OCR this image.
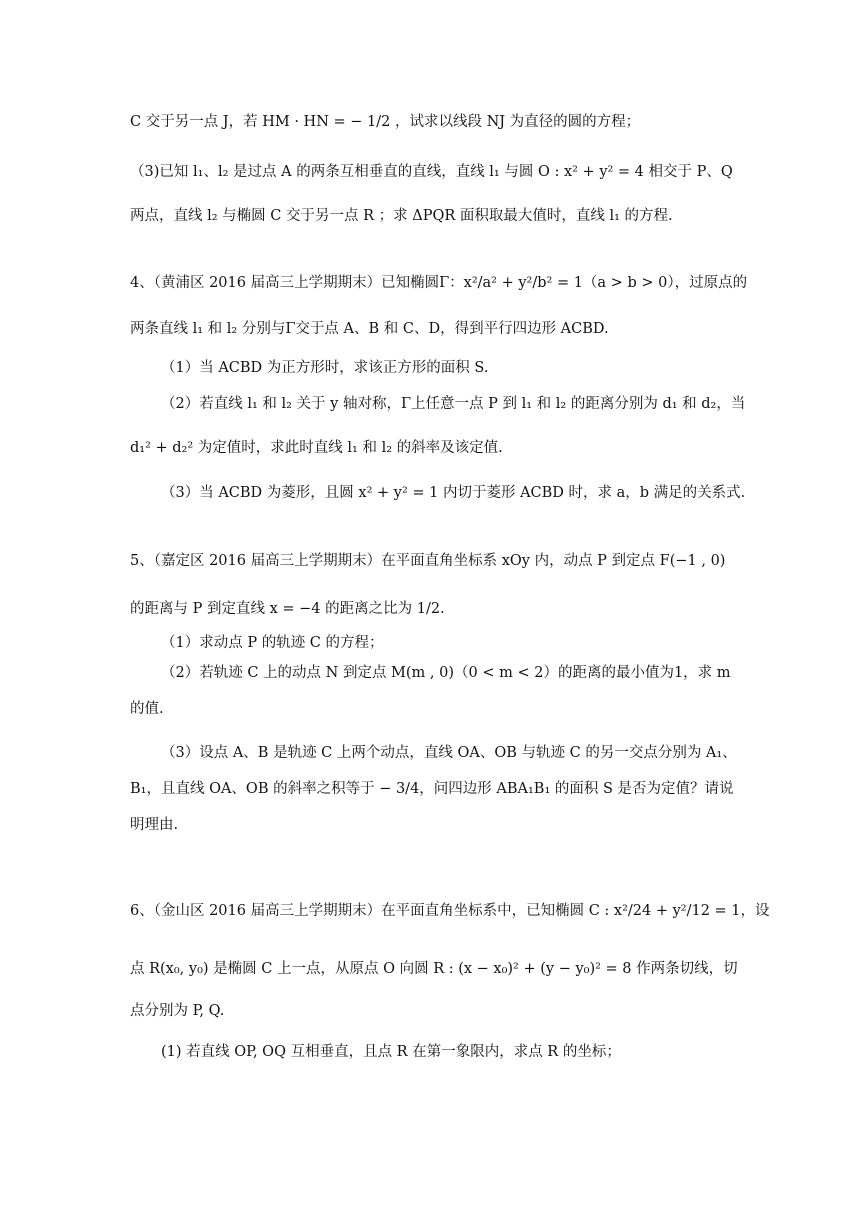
C 交于另一点 J，若 HM · HN = − 1/2 ，试求以线段 NJ 为直径的圆的方程；
（3)已知 l₁、l₂ 是过点 A 的两条互相垂直的直线，直线 l₁ 与圆 O : x² + y² = 4 相交于 P、Q
两点，直线 l₂ 与椭圆 C 交于另一点 R ；求 ΔPQR 面积取最大值时，直线 l₁ 的方程.
4、（黄浦区 2016 届高三上学期期末）已知椭圆Γ：x²/a² + y²/b² = 1（a > b > 0），过原点的
两条直线 l₁ 和 l₂ 分别与Γ交于点 A、B 和 C、D，得到平行四边形 ACBD.
（1）当 ACBD 为正方形时，求该正方形的面积 S.
（2）若直线 l₁ 和 l₂ 关于 y 轴对称，Γ上任意一点 P 到 l₁ 和 l₂ 的距离分别为 d₁ 和 d₂，当
d₁² + d₂² 为定值时，求此时直线 l₁ 和 l₂ 的斜率及该定值.
（3）当 ACBD 为菱形，且圆 x² + y² = 1 内切于菱形 ACBD 时，求 a，b 满足的关系式.
5、（嘉定区 2016 届高三上学期期末）在平面直角坐标系 xOy 内，动点 P 到定点 F(−1 , 0)
的距离与 P 到定直线 x = −4 的距离之比为 1/2.
（1）求动点 P 的轨迹 C 的方程；
（2）若轨迹 C 上的动点 N 到定点 M(m , 0)（0 < m < 2）的距离的最小值为1，求 m
的值.
（3）设点 A、B 是轨迹 C 上两个动点，直线 OA、OB 与轨迹 C 的另一交点分别为 A₁、
B₁，且直线 OA、OB 的斜率之积等于 − 3/4，问四边形 ABA₁B₁ 的面积 S 是否为定值？请说
明理由.
6、（金山区 2016 届高三上学期期末）在平面直角坐标系中，已知椭圆 C : x²/24 + y²/12 = 1，设
点 R(x₀, y₀) 是椭圆 C 上一点，从原点 O 向圆 R : (x − x₀)² + (y − y₀)² = 8 作两条切线，切
点分别为 P, Q.
(1) 若直线 OP, OQ 互相垂直，且点 R 在第一象限内，求点 R 的坐标；
